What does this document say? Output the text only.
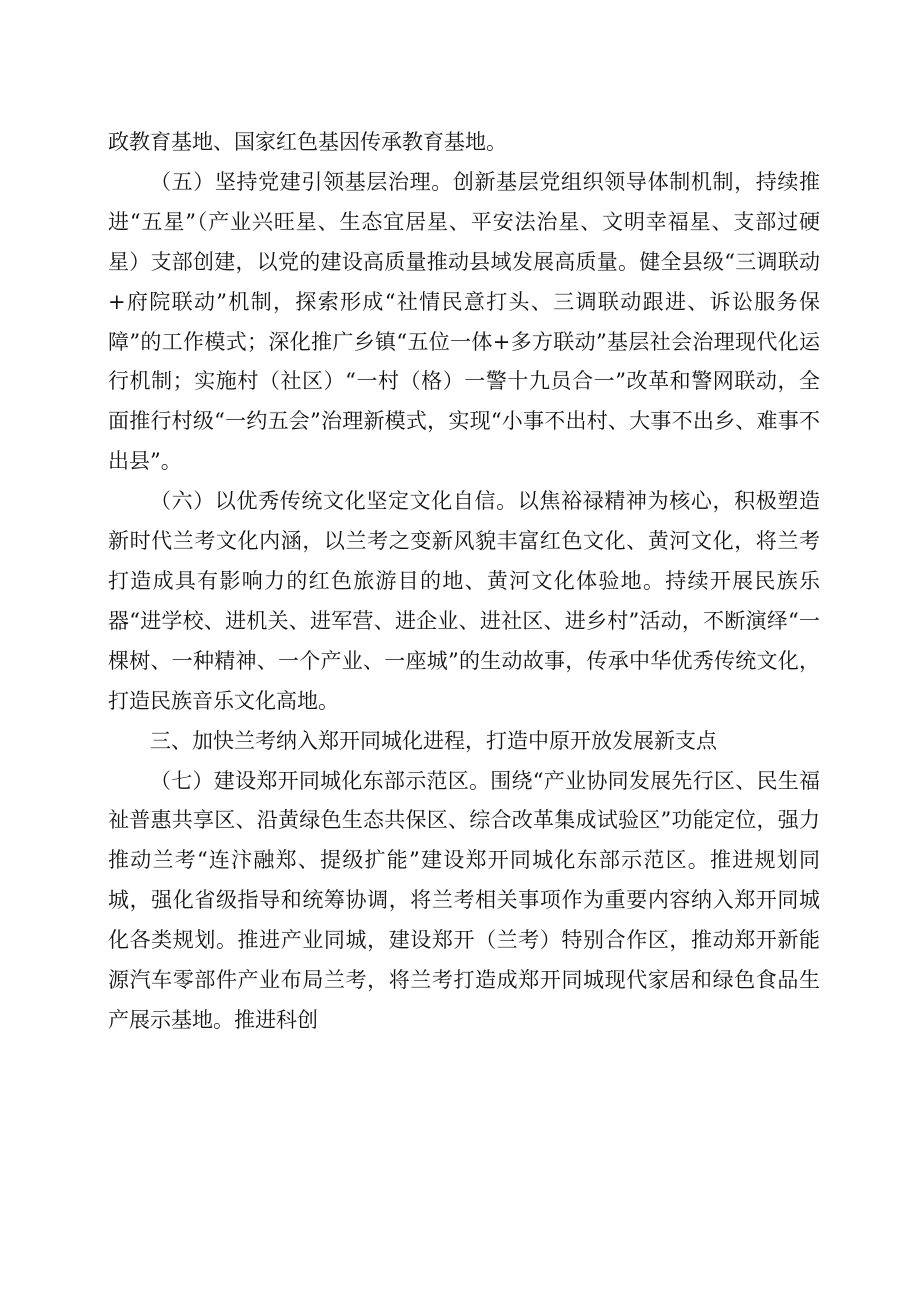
政教育基地、国家红色基因传承教育基地。

（五）坚持党建引领基层治理。创新基层党组织领导体制机制，持续推进“五星”（产业兴旺星、生态宜居星、平安法治星、文明幸福星、支部过硬星）支部创建，以党的建设高质量推动县域发展高质量。健全县级“三调联动+府院联动”机制，探索形成“社情民意打头、三调联动跟进、诉讼服务保障”的工作模式；深化推广乡镇“五位一体+多方联动”基层社会治理现代化运行机制；实施村（社区）“一村（格）一警十九员合一”改革和警网联动，全面推行村级“一约五会”治理新模式，实现“小事不出村、大事不出乡、难事不出县”。

（六）以优秀传统文化坚定文化自信。以焦裕禄精神为核心，积极塑造新时代兰考文化内涵，以兰考之变新风貌丰富红色文化、黄河文化，将兰考打造成具有影响力的红色旅游目的地、黄河文化体验地。持续开展民族乐器“进学校、进机关、进军营、进企业、进社区、进乡村”活动，不断演绎“一棵树、一种精神、一个产业、一座城”的生动故事，传承中华优秀传统文化，打造民族音乐文化高地。

三、加快兰考纳入郑开同城化进程，打造中原开放发展新支点

（七）建设郑开同城化东部示范区。围绕“产业协同发展先行区、民生福祉普惠共享区、沿黄绿色生态共保区、综合改革集成试验区”功能定位，强力推动兰考“连汴融郑、提级扩能”建设郑开同城化东部示范区。推进规划同城，强化省级指导和统筹协调，将兰考相关事项作为重要内容纳入郑开同城化各类规划。推进产业同城，建设郑开（兰考）特别合作区，推动郑开新能源汽车零部件产业布局兰考，将兰考打造成郑开同城现代家居和绿色食品生产展示基地。推进科创
